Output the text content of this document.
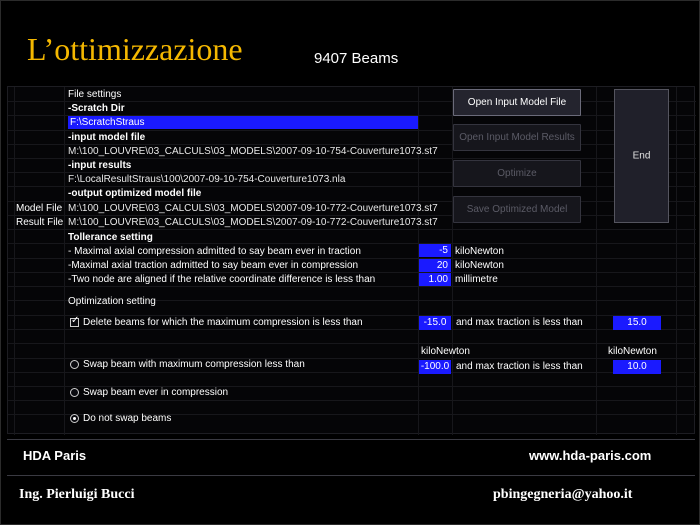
L’ottimizzazione	9407 Beams
File settings
-Scratch Dir
F:\ScratchStraus
-input model file
M:\100_LOUVRE\03_CALCULS\03_MODELS\2007-09-10-754-Couverture1073.st7
-input results
F:\LocalResultStraus\100\2007-09-10-754-Couverture1073.nla
-output optimized model file
Model File M:\100_LOUVRE\03_CALCULS\03_MODELS\2007-09-10-772-Couverture1073.st7
Result File M:\100_LOUVRE\03_CALCULS\03_MODELS\2007-09-10-772-Couverture1073.st7
Tollerance setting
- Maximal axial compression admitted to say beam ever in traction	-5 kiloNewton
-Maximal axial traction admitted to say beam ever in compression	20 kiloNewton
-Two node are aligned if the relative coordinate difference is less than	1.00 millimetre
Optimization setting
✓ Delete beams for which the maximum compression is less than	-15.0 and max traction is less than	15.0
kiloNewton	kiloNewton
Swap beam with maximum compression less than	-100.0 and max traction is less than	10.0
Swap beam ever in compression
Do not swap beams
Open Input Model File
Open Input Model Results
Optimize
Save Optimized Model
End
HDA Paris	www.hda-paris.com
Ing. Pierluigi Bucci	pbingegneria@yahoo.it
